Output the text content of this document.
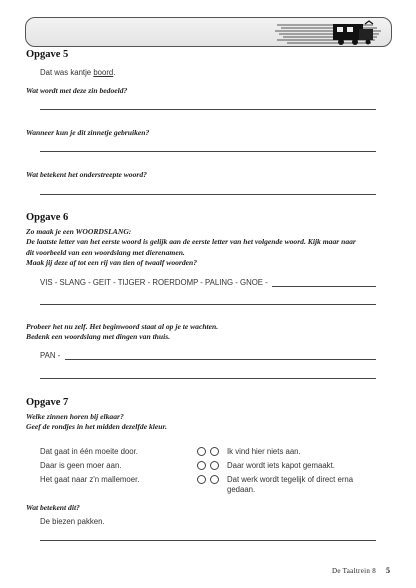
Opgave 5
Dat was kantje boord.
Wat wordt met deze zin bedoeld?
Wanneer kun je dit zinnetje gebruiken?
Wat betekent het onderstreepte woord?
Opgave 6
Zo maak je een WOORDSLANG:
De laatste letter van het eerste woord is gelijk aan de eerste letter van het volgende woord. Kijk maar naar
dit voorbeeld van een woordslang met dierenamen.
Maak jij deze af tot een rij van tien of twaalf woorden?
VIS - SLANG - GEIT - TIJGER - ROERDOMP - PALING - GNOE -
Probeer het nu zelf. Het beginwoord staat al op je te wachten.
Bedenk een woordslang met dingen van thuis.
PAN -
Opgave 7
Welke zinnen horen bij elkaar?
Geef de rondjes in het midden dezelfde kleur.
Dat gaat in één moeite door.
Daar is geen moer aan.
Het gaat naar z'n mallemoer.
Ik vind hier niets aan.
Daar wordt iets kapot gemaakt.
Dat werk wordt tegelijk of direct erna gedaan.
Wat betekent dit?
De biezen pakken.
De Taaltrein 8 5
